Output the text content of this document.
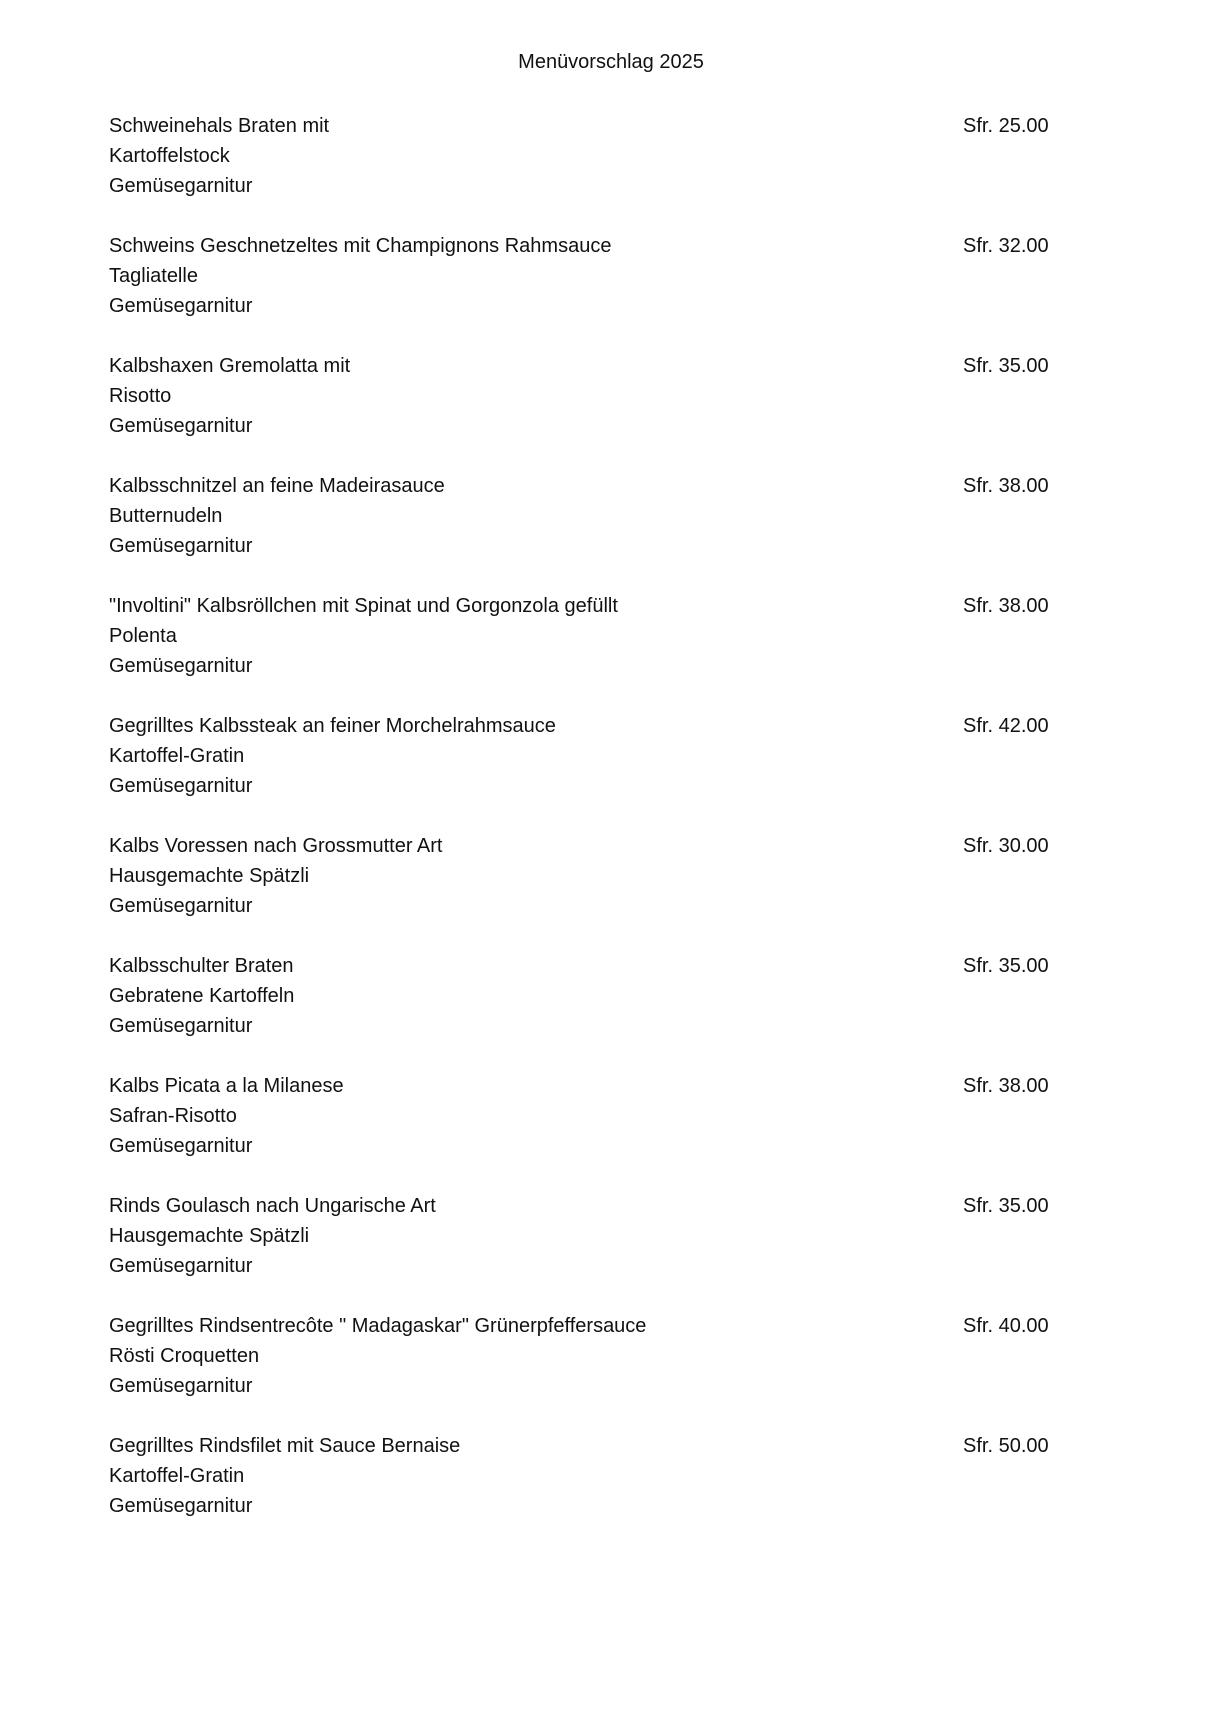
Menüvorschlag 2025
Schweinehals Braten mit
Kartoffelstock
Gemüsegarnitur
Sfr. 25.00
Schweins Geschnetzeltes mit Champignons Rahmsauce
Tagliatelle
Gemüsegarnitur
Sfr. 32.00
Kalbshaxen Gremolatta mit
Risotto
Gemüsegarnitur
Sfr. 35.00
Kalbsschnitzel an feine Madeirasauce
Butternudeln
Gemüsegarnitur
Sfr. 38.00
"Involtini" Kalbsröllchen mit Spinat und Gorgonzola gefüllt
Polenta
Gemüsegarnitur
Sfr. 38.00
Gegrilltes Kalbssteak an feiner Morchelrahmsauce
Kartoffel-Gratin
Gemüsegarnitur
Sfr. 42.00
Kalbs Voressen nach Grossmutter Art
Hausgemachte Spätzli
Gemüsegarnitur
Sfr. 30.00
Kalbsschulter Braten
Gebratene Kartoffeln
Gemüsegarnitur
Sfr. 35.00
Kalbs Picata a la Milanese
Safran-Risotto
Gemüsegarnitur
Sfr. 38.00
Rinds Goulasch nach Ungarische Art
Hausgemachte Spätzli
Gemüsegarnitur
Sfr. 35.00
Gegrilltes Rindsentrecôte " Madagaskar" Grünerpfeffersauce
Rösti Croquetten
Gemüsegarnitur
Sfr. 40.00
Gegrilltes Rindsfilet mit Sauce Bernaise
Kartoffel-Gratin
Gemüsegarnitur
Sfr. 50.00
